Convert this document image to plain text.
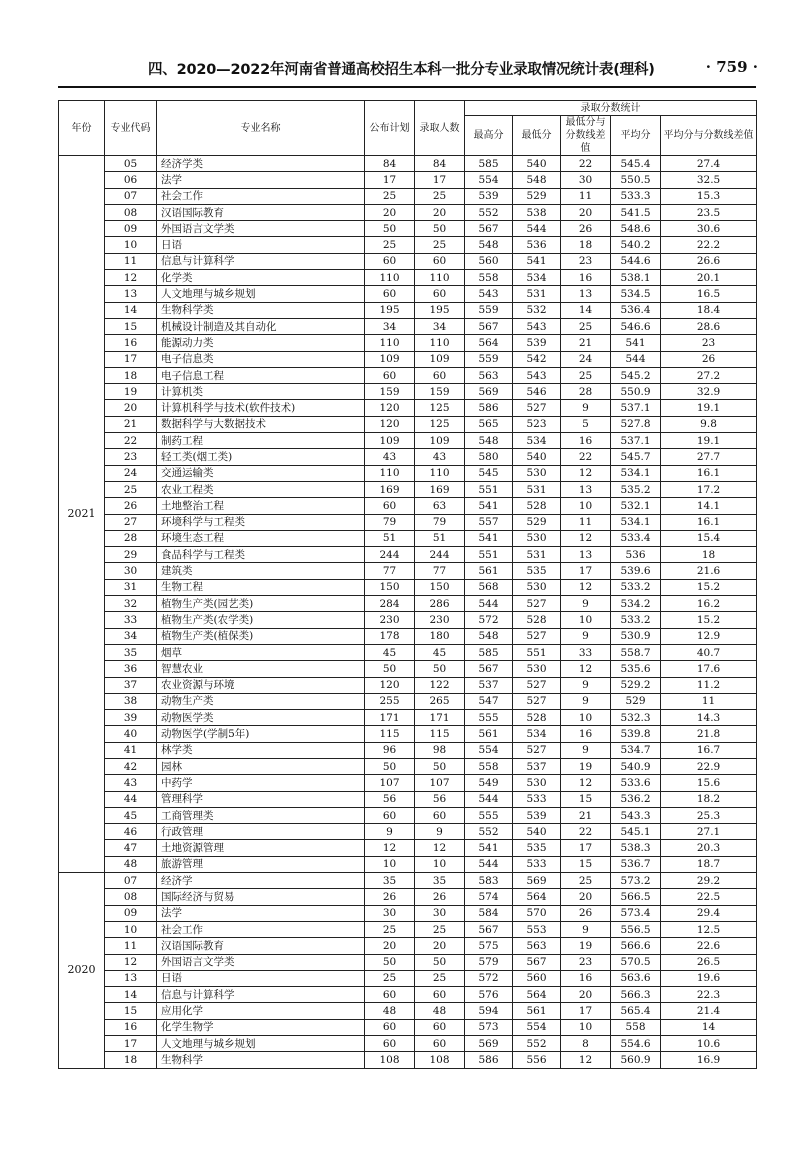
四、2020—2022年河南省普通高校招生本科一批分专业录取情况统计表(理科)	· 759 ·
年份	专业代码	专业名称	公布计划	录取人数	录取分数统计				
					最高分	最低分	最低分与分数线差值	平均分	平均分与分数线差值
2021	05	经济学类	84	84	585	540	22	545.4	27.4
	06	法学	17	17	554	548	30	550.5	32.5
	07	社会工作	25	25	539	529	11	533.3	15.3
	08	汉语国际教育	20	20	552	538	20	541.5	23.5
	09	外国语言文学类	50	50	567	544	26	548.6	30.6
	10	日语	25	25	548	536	18	540.2	22.2
	11	信息与计算科学	60	60	560	541	23	544.6	26.6
	12	化学类	110	110	558	534	16	538.1	20.1
	13	人文地理与城乡规划	60	60	543	531	13	534.5	16.5
	14	生物科学类	195	195	559	532	14	536.4	18.4
	15	机械设计制造及其自动化	34	34	567	543	25	546.6	28.6
	16	能源动力类	110	110	564	539	21	541	23
	17	电子信息类	109	109	559	542	24	544	26
	18	电子信息工程	60	60	563	543	25	545.2	27.2
	19	计算机类	159	159	569	546	28	550.9	32.9
	20	计算机科学与技术(软件技术)	120	125	586	527	9	537.1	19.1
	21	数据科学与大数据技术	120	125	565	523	5	527.8	9.8
	22	制药工程	109	109	548	534	16	537.1	19.1
	23	轻工类(烟工类)	43	43	580	540	22	545.7	27.7
	24	交通运输类	110	110	545	530	12	534.1	16.1
	25	农业工程类	169	169	551	531	13	535.2	17.2
	26	土地整治工程	60	63	541	528	10	532.1	14.1
	27	环境科学与工程类	79	79	557	529	11	534.1	16.1
	28	环境生态工程	51	51	541	530	12	533.4	15.4
	29	食品科学与工程类	244	244	551	531	13	536	18
	30	建筑类	77	77	561	535	17	539.6	21.6
	31	生物工程	150	150	568	530	12	533.2	15.2
	32	植物生产类(园艺类)	284	286	544	527	9	534.2	16.2
	33	植物生产类(农学类)	230	230	572	528	10	533.2	15.2
	34	植物生产类(植保类)	178	180	548	527	9	530.9	12.9
	35	烟草	45	45	585	551	33	558.7	40.7
	36	智慧农业	50	50	567	530	12	535.6	17.6
	37	农业资源与环境	120	122	537	527	9	529.2	11.2
	38	动物生产类	255	265	547	527	9	529	11
	39	动物医学类	171	171	555	528	10	532.3	14.3
	40	动物医学(学制5年)	115	115	561	534	16	539.8	21.8
	41	林学类	96	98	554	527	9	534.7	16.7
	42	园林	50	50	558	537	19	540.9	22.9
	43	中药学	107	107	549	530	12	533.6	15.6
	44	管理科学	56	56	544	533	15	536.2	18.2
	45	工商管理类	60	60	555	539	21	543.3	25.3
	46	行政管理	9	9	552	540	22	545.1	27.1
	47	土地资源管理	12	12	541	535	17	538.3	20.3
	48	旅游管理	10	10	544	533	15	536.7	18.7
2020	07	经济学	35	35	583	569	25	573.2	29.2
	08	国际经济与贸易	26	26	574	564	20	566.5	22.5
	09	法学	30	30	584	570	26	573.4	29.4
	10	社会工作	25	25	567	553	9	556.5	12.5
	11	汉语国际教育	20	20	575	563	19	566.6	22.6
	12	外国语言文学类	50	50	579	567	23	570.5	26.5
	13	日语	25	25	572	560	16	563.6	19.6
	14	信息与计算科学	60	60	576	564	20	566.3	22.3
	15	应用化学	48	48	594	561	17	565.4	21.4
	16	化学生物学	60	60	573	554	10	558	14
	17	人文地理与城乡规划	60	60	569	552	8	554.6	10.6
	18	生物科学	108	108	586	556	12	560.9	16.9
